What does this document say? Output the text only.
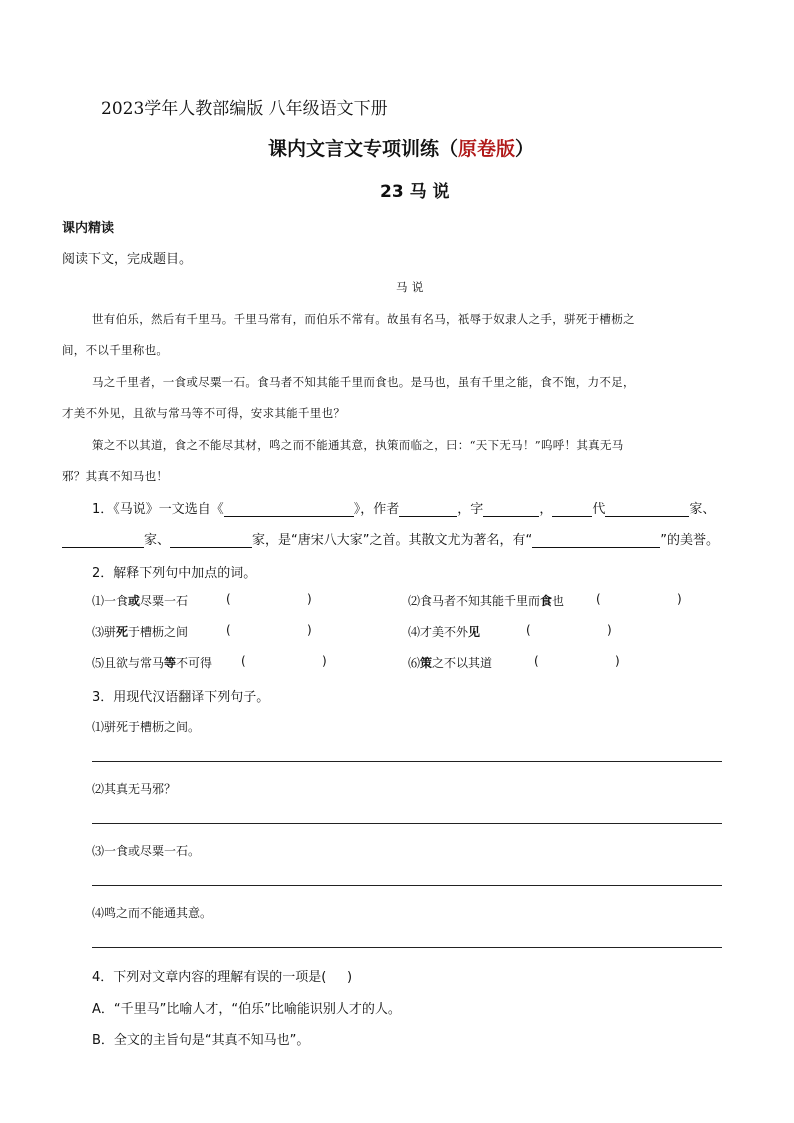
2023学年人教部编版 八年级语文下册
课内文言文专项训练（原卷版）
23 马 说
课内精读
阅读下文，完成题目。
马 说
世有伯乐，然后有千里马。千里马常有，而伯乐不常有。故虽有名马，祇辱于奴隶人之手，骈死于槽枥之
间，不以千里称也。
马之千里者，一食或尽粟一石。食马者不知其能千里而食也。是马也，虽有千里之能，食不饱，力不足，
才美不外见，且欲与常马等不可得，安求其能千里也？
策之不以其道，食之不能尽其材，鸣之而不能通其意，执策而临之，曰：“天下无马！”呜呼！其真无马
邪？其真不知马也！
1．《马说》一文选自《	》，作者	，字	，	代	家、
家、	家，是“唐宋八大家”之首。其散文尤为著名，有“	”的美誉。
2．解释下列句中加点的词。
⑴一食或尽粟一石	(                    )	⑵食马者不知其能千里而食也	(                    )
⑶骈死于槽枥之间	(                    )	⑷才美不外见	(                    )
⑸且欲与常马等不可得 (                    )	⑹策之不以其道	(                    )
3．用现代汉语翻译下列句子。
⑴骈死于槽枥之间。
⑵其真无马邪？
⑶一食或尽粟一石。
⑷鸣之而不能通其意。
4．下列对文章内容的理解有误的一项是(     )
A．“千里马”比喻人才，“伯乐”比喻能识别人才的人。
B．全文的主旨句是“其真不知马也”。
